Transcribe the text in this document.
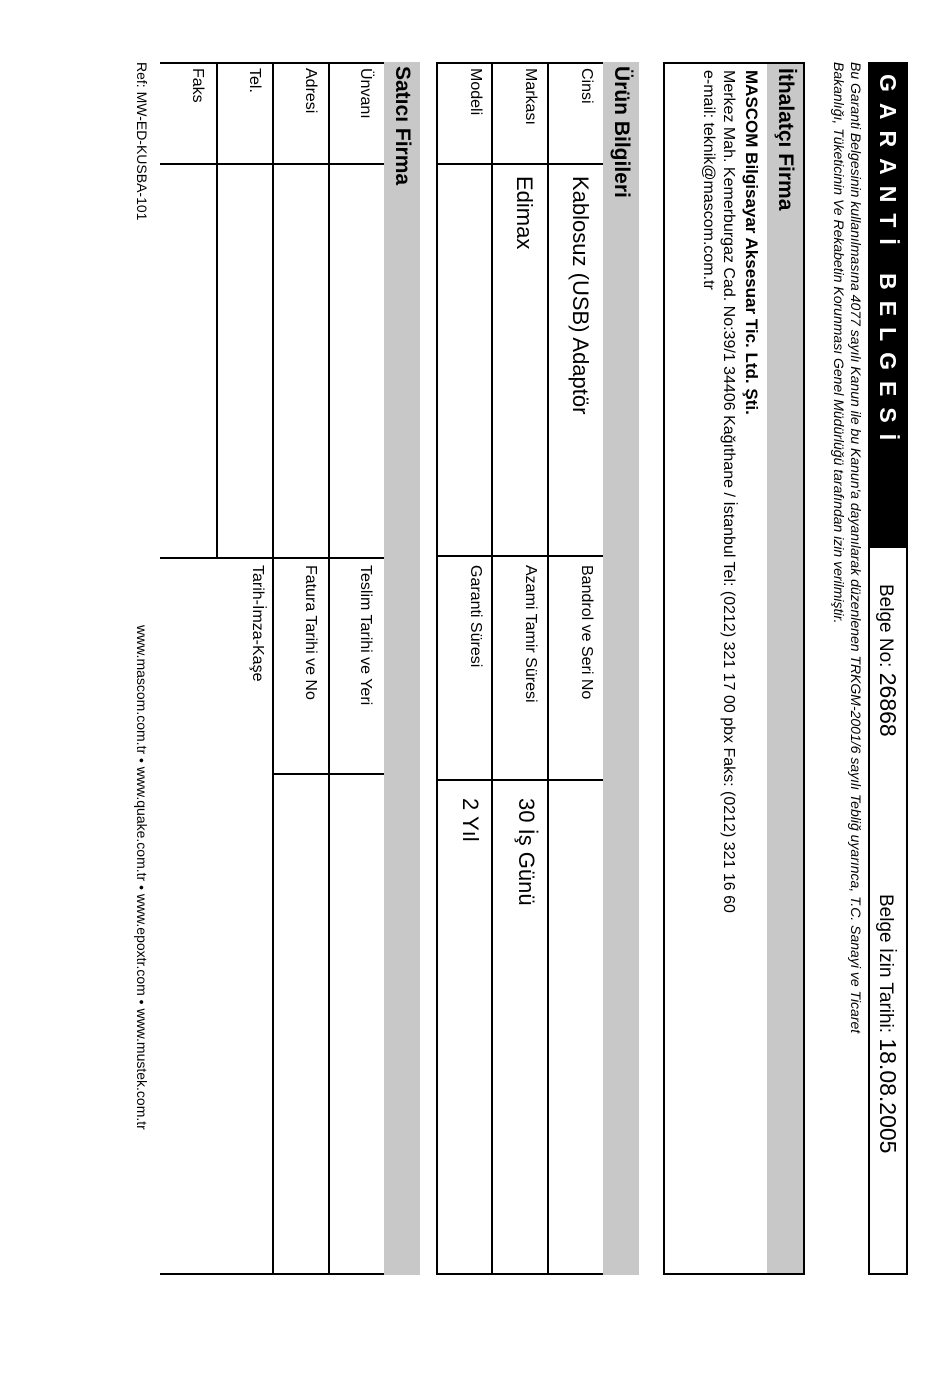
GARANTİ BELGESİ
Belge No: 26868
Belge İzin Tarihi: 18.08.2005
Bu Garanti Belgesinin kullanılmasına 4077 sayılı Kanun ile bu Kanun'a dayanılarak düzenlenen TRKGM-2001/6 sayılı Tebliğ uyarınca, T.C. Sanayi ve Ticaret
Bakanlığı, Tüketicinin Ve Rekabetin Korunması Genel Müdürlüğü tarafından izin verilmiştir.
İthalatçı Firma
MASCOM Bilgisayar Aksesuar Tic. Ltd. Şti.
Merkez Mah. Kemerburgaz Cad. No:39/1 34406 Kağıthane / İstanbul Tel: (0212) 321 17 00 pbx Faks: (0212) 321 16 60
e-mail: teknik@mascom.com.tr
Ürün Bilgileri
Cinsi
Kablosuz (USB) Adaptör
Bandrol ve Seri No
Markası
Edimax
Azami Tamir Süresi
30 İş Günü
Modeli
Garanti Süresi
2 Yıl
Satıcı Firma
Ünvanı
Teslim Tarihi ve Yeri
Fatura Tarihi ve No
Adresi
Tarih-İmza-Kaşe
Tel.
Faks
Ref: MW-ED-KUSBA-101
www.mascom.com.tr • www.quake.com.tr • www.epoxtr.com • www.mustek.com.tr
